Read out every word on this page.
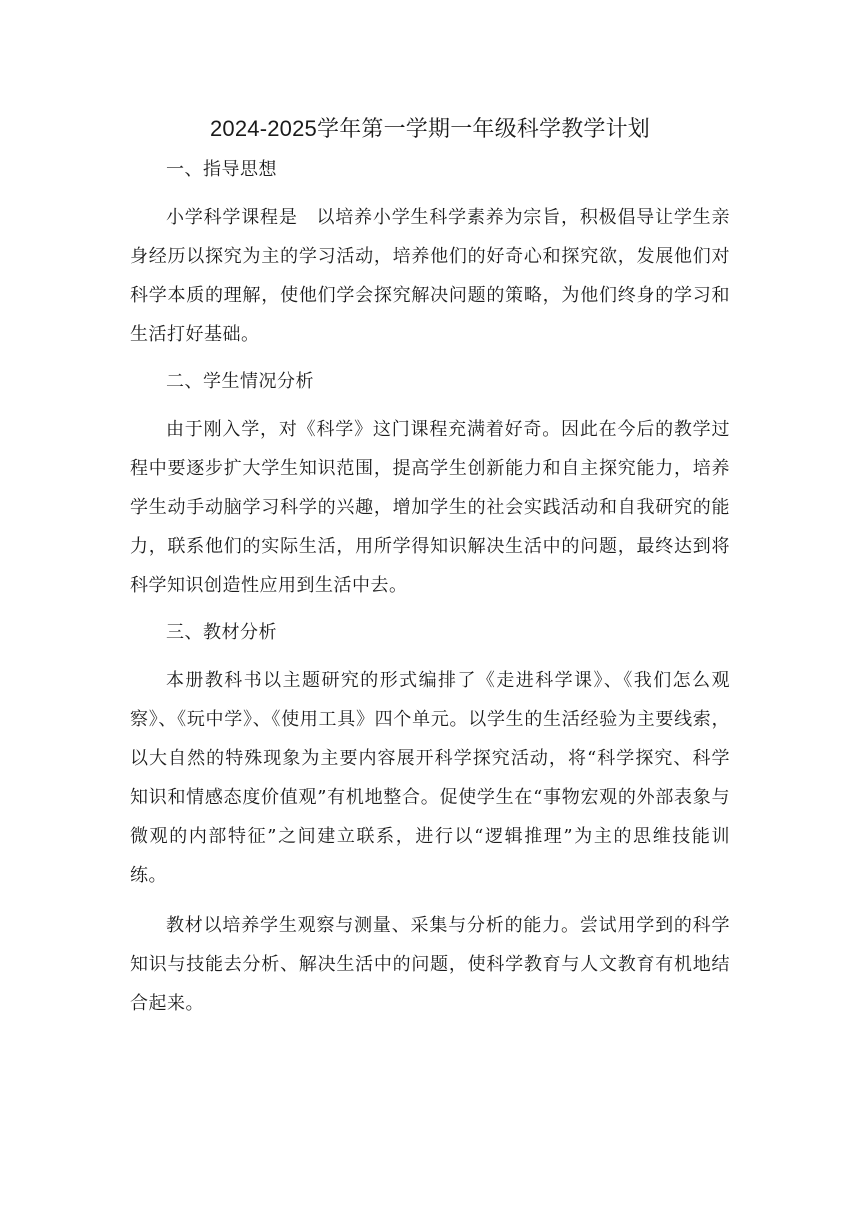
2024-2025学年第一学期一年级科学教学计划

一、指导思想

小学科学课程是　以培养小学生科学素养为宗旨，积极倡导让学生亲身经历以探究为主的学习活动，培养他们的好奇心和探究欲，发展他们对科学本质的理解，使他们学会探究解决问题的策略，为他们终身的学习和生活打好基础。

二、学生情况分析

由于刚入学，对《科学》这门课程充满着好奇。因此在今后的教学过程中要逐步扩大学生知识范围，提高学生创新能力和自主探究能力，培养学生动手动脑学习科学的兴趣，增加学生的社会实践活动和自我研究的能力，联系他们的实际生活，用所学得知识解决生活中的问题，最终达到将科学知识创造性应用到生活中去。

三、教材分析

本册教科书以主题研究的形式编排了《走进科学课》、《我们怎么观察》、《玩中学》、《使用工具》四个单元。以学生的生活经验为主要线索，以大自然的特殊现象为主要内容展开科学探究活动，将“科学探究、科学知识和情感态度价值观”有机地整合。促使学生在“事物宏观的外部表象与微观的内部特征”之间建立联系，进行以“逻辑推理”为主的思维技能训练。

教材以培养学生观察与测量、采集与分析的能力。尝试用学到的科学知识与技能去分析、解决生活中的问题，使科学教育与人文教育有机地结合起来。
